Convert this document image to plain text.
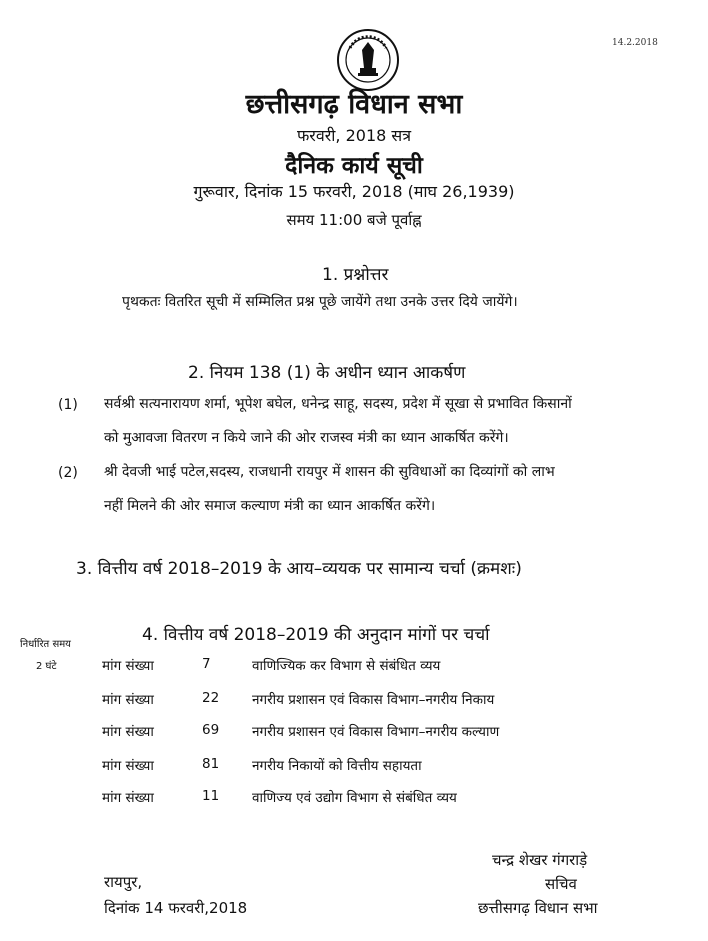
14.2.2018
छत्तीसगढ़ विधान सभा
फरवरी, 2018 सत्र
दैनिक कार्य सूची
गुरूवार, दिनांक 15 फरवरी, 2018 (माघ 26,1939)
समय 11:00 बजे पूर्वाह्न
1. प्रश्नोत्तर
पृथकतः वितरित सूची में सम्मिलित प्रश्न पूछे जायेंगे तथा उनके उत्तर दिये जायेंगे।
2. नियम 138 (1) के अधीन ध्यान आकर्षण
(1) सर्वश्री सत्यनारायण शर्मा, भूपेश बघेल, धनेन्द्र साहू, सदस्य, प्रदेश में सूखा से प्रभावित किसानों
को मुआवजा वितरण न किये जाने की ओर राजस्व मंत्री का ध्यान आकर्षित करेंगे।
(2) श्री देवजी भाई पटेल,सदस्य, राजधानी रायपुर में शासन की सुविधाओं का दिव्यांगों को लाभ
नहीं मिलने की ओर समाज कल्याण मंत्री का ध्यान आकर्षित करेंगे।
3. वित्तीय वर्ष 2018–2019 के आय–व्ययक पर सामान्य चर्चा (क्रमशः)
निर्धारित समय	4. वित्तीय वर्ष 2018–2019 की अनुदान मांगों पर चर्चा
2 घंटे	मांग संख्या	7	वाणिज्यिक कर विभाग से संबंधित व्यय
मांग संख्या	22 नगरीय प्रशासन एवं विकास विभाग–नगरीय निकाय
मांग संख्या	69 नगरीय प्रशासन एवं विकास विभाग–नगरीय कल्याण
मांग संख्या	81 नगरीय निकायों को वित्तीय सहायता
मांग संख्या	11 वाणिज्य एवं उद्योग विभाग से संबंधित व्यय
चन्द्र शेखर गंगराड़े
रायपुर,	सचिव
दिनांक 14 फरवरी,2018	छत्तीसगढ़ विधान सभा
